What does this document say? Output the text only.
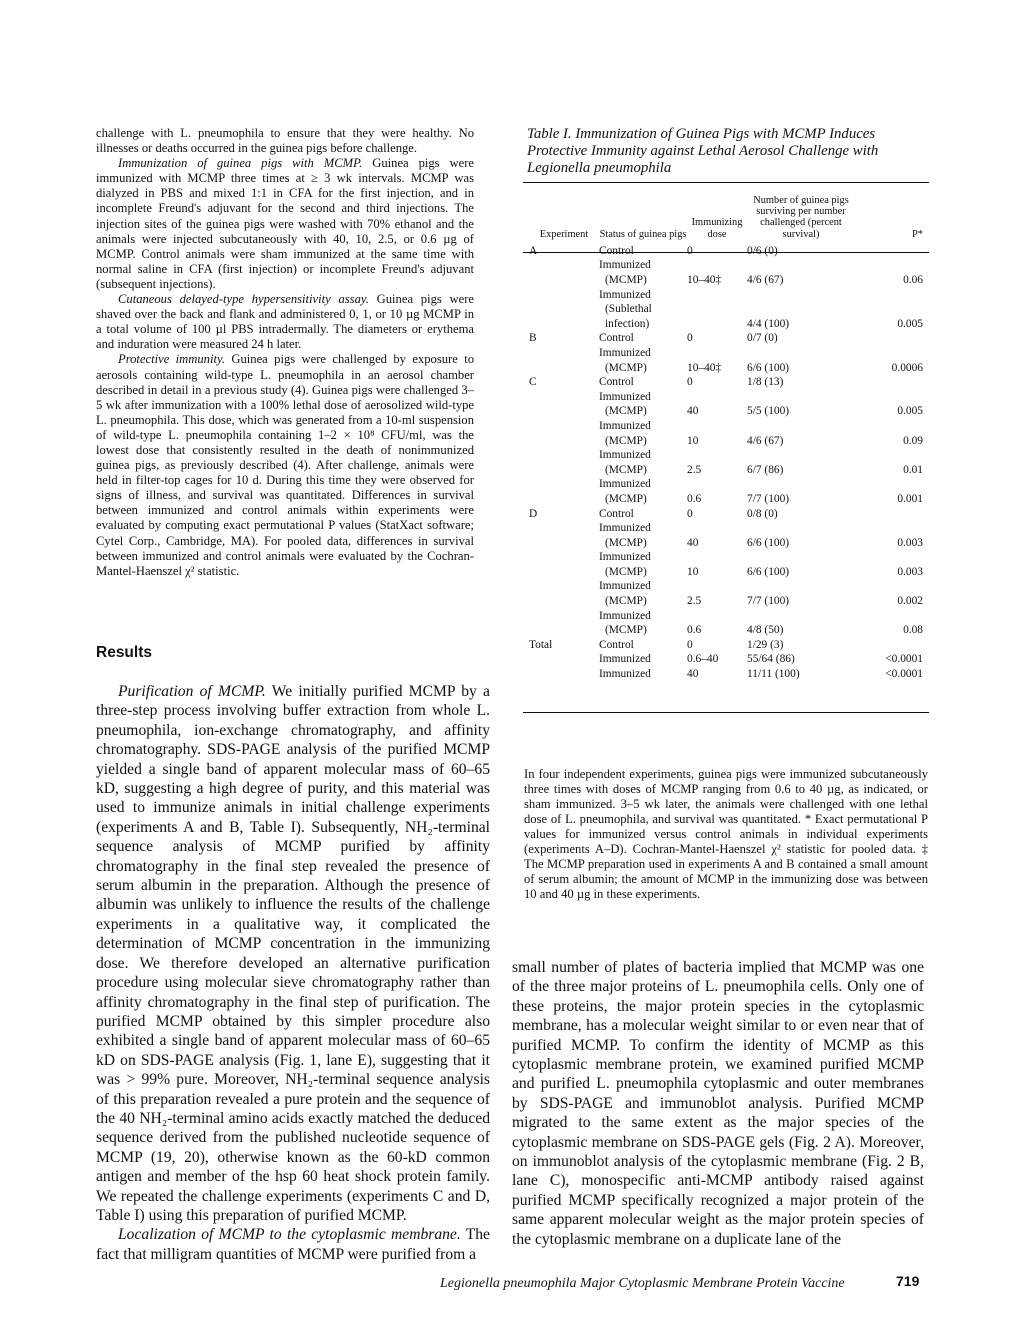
challenge with L. pneumophila to ensure that they were healthy. No illnesses or deaths occurred in the guinea pigs before challenge.

Immunization of guinea pigs with MCMP. Guinea pigs were immunized with MCMP three times at ≥ 3 wk intervals. MCMP was dialyzed in PBS and mixed 1:1 in CFA for the first injection, and in incomplete Freund's adjuvant for the second and third injections. The injection sites of the guinea pigs were washed with 70% ethanol and the animals were injected subcutaneously with 40, 10, 2.5, or 0.6 µg of MCMP. Control animals were sham immunized at the same time with normal saline in CFA (first injection) or incomplete Freund's adjuvant (subsequent injections).

Cutaneous delayed-type hypersensitivity assay. Guinea pigs were shaved over the back and flank and administered 0, 1, or 10 µg MCMP in a total volume of 100 µl PBS intradermally. The diameters or erythema and induration were measured 24 h later.

Protective immunity. Guinea pigs were challenged by exposure to aerosols containing wild-type L. pneumophila in an aerosol chamber described in detail in a previous study (4). Guinea pigs were challenged 3–5 wk after immunization with a 100% lethal dose of aerosolized wild-type L. pneumophila. This dose, which was generated from a 10-ml suspension of wild-type L. pneumophila containing 1–2 × 10⁸ CFU/ml, was the lowest dose that consistently resulted in the death of nonimmunized guinea pigs, as previously described (4). After challenge, animals were held in filter-top cages for 10 d. During this time they were observed for signs of illness, and survival was quantitated. Differences in survival between immunized and control animals within experiments were evaluated by computing exact permutational P values (StatXact software; Cytel Corp., Cambridge, MA). For pooled data, differences in survival between immunized and control animals were evaluated by the Cochran-Mantel-Haenszel χ² statistic.

Results

Purification of MCMP. We initially purified MCMP by a three-step process involving buffer extraction from whole L. pneumophila, ion-exchange chromatography, and affinity chromatography. SDS-PAGE analysis of the purified MCMP yielded a single band of apparent molecular mass of 60–65 kD, suggesting a high degree of purity, and this material was used to immunize animals in initial challenge experiments (experiments A and B, Table I). Subsequently, NH₂-terminal sequence analysis of MCMP purified by affinity chromatography in the final step revealed the presence of serum albumin in the preparation. Although the presence of albumin was unlikely to influence the results of the challenge experiments in a qualitative way, it complicated the determination of MCMP concentration in the immunizing dose. We therefore developed an alternative purification procedure using molecular sieve chromatography rather than affinity chromatography in the final step of purification. The purified MCMP obtained by this simpler procedure also exhibited a single band of apparent molecular mass of 60–65 kD on SDS-PAGE analysis (Fig. 1, lane E), suggesting that it was > 99% pure. Moreover, NH₂-terminal sequence analysis of this preparation revealed a pure protein and the sequence of the 40 NH₂-terminal amino acids exactly matched the deduced sequence derived from the published nucleotide sequence of MCMP (19, 20), otherwise known as the 60-kD common antigen and member of the hsp 60 heat shock protein family. We repeated the challenge experiments (experiments C and D, Table I) using this preparation of purified MCMP.

Localization of MCMP to the cytoplasmic membrane. The fact that milligram quantities of MCMP were purified from a

Table I. Immunization of Guinea Pigs with MCMP Induces Protective Immunity against Lethal Aerosol Challenge with Legionella pneumophila
Experiment	Status of guinea pigs	Immunizing dose	Number of guinea pigs surviving per number challenged (percent survival)	P*
A	Control	0	0/6 (0)	

	Immunized
(MCMP)	10–40‡	4/6 (67)	0.06

	Immunized
(Sublethal
infection)		4/4 (100)	0.005
B	Control	0	0/7 (0)	

	Immunized
(MCMP)	10–40‡	6/6 (100)	0.0006
C	Control	0	1/8 (13)	

	Immunized
(MCMP)	40	5/5 (100)	0.005

	Immunized
(MCMP)	10	4/6 (67)	0.09

	Immunized
(MCMP)	2.5	6/7 (86)	0.01

	Immunized
(MCMP)	0.6	7/7 (100)	0.001
D	Control	0	0/8 (0)	

	Immunized
(MCMP)	40	6/6 (100)	0.003

	Immunized
(MCMP)	10	6/6 (100)	0.003

	Immunized
(MCMP)	2.5	7/7 (100)	0.002

	Immunized
(MCMP)	0.6	4/8 (50)	0.08
Total	Control	0	1/29 (3)	

	Immunized	0.6–40	55/64 (86)	<0.0001

	Immunized	40	11/11 (100)	<0.0001
In four independent experiments, guinea pigs were immunized subcutaneously three times with doses of MCMP ranging from 0.6 to 40 µg, as indicated, or sham immunized. 3–5 wk later, the animals were challenged with one lethal dose of L. pneumophila, and survival was quantitated. * Exact permutational P values for immunized versus control animals in individual experiments (experiments A–D). Cochran-Mantel-Haenszel χ² statistic for pooled data. ‡ The MCMP preparation used in experiments A and B contained a small amount of serum albumin; the amount of MCMP in the immunizing dose was between 10 and 40 µg in these experiments.

small number of plates of bacteria implied that MCMP was one of the three major proteins of L. pneumophila cells. Only one of these proteins, the major protein species in the cytoplasmic membrane, has a molecular weight similar to or even near that of purified MCMP. To confirm the identity of MCMP as this cytoplasmic membrane protein, we examined purified MCMP and purified L. pneumophila cytoplasmic and outer membranes by SDS-PAGE and immunoblot analysis. Purified MCMP migrated to the same extent as the major species of the cytoplasmic membrane on SDS-PAGE gels (Fig. 2 A). Moreover, on immunoblot analysis of the cytoplasmic membrane (Fig. 2 B, lane C), monospecific anti-MCMP antibody raised against purified MCMP specifically recognized a major protein of the same apparent molecular weight as the major protein species of the cytoplasmic membrane on a duplicate lane of the

Legionella pneumophila Major Cytoplasmic Membrane Protein Vaccine	719
